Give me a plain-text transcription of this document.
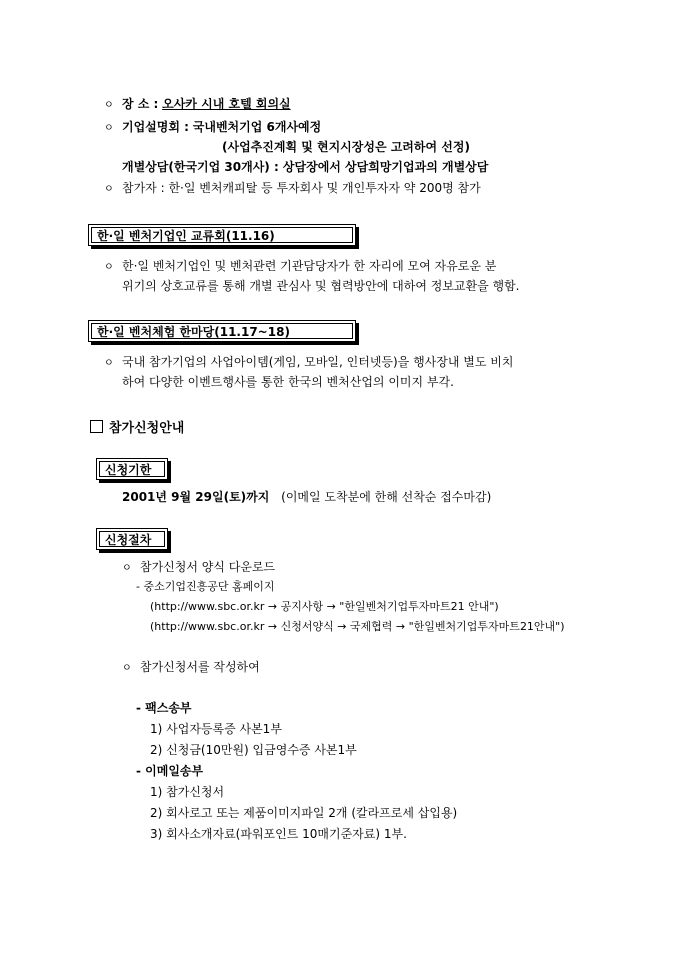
ㅇ 장 소 : 오사카 시내 호텔 회의실
ㅇ 기업설명회 : 국내벤처기업 6개사예정
(사업추진계획 및 현지시장성은 고려하여 선정)
개별상담(한국기업 30개사) : 상담장에서 상담희망기업과의 개별상담
ㅇ 참가자 : 한·일 벤처캐피탈 등 투자회사 및 개인투자자 약 200명 참가
한·일 벤처기업인 교류회(11.16)
ㅇ 한·일 벤처기업인 및 벤처관련 기관담당자가 한 자리에 모여 자유로운 분
위기의 상호교류를 통해 개별 관심사 및 협력방안에 대하여 정보교환을 행함.
한·일 벤처체험 한마당(11.17~18)
ㅇ 국내 참가기업의 사업아이템(게임, 모바일, 인터넷등)을 행사장내 별도 비치
하여 다양한 이벤트행사를 통한 한국의 벤처산업의 이미지 부각.
참가신청안내
신청기한
2001년 9월 29일(토)까지 (이메일 도착분에 한해 선착순 접수마감)
신청절차
ㅇ 참가신청서 양식 다운로드
- 중소기업진흥공단 홈페이지
(http://www.sbc.or.kr → 공지사항 → "한일벤처기업투자마트21 안내")
(http://www.sbc.or.kr → 신청서양식 → 국제협력 → "한일벤처기업투자마트21안내")
ㅇ 참가신청서를 작성하여
- 팩스송부
1) 사업자등록증 사본1부
2) 신청금(10만원) 입금영수증 사본1부
- 이메일송부
1) 참가신청서
2) 회사로고 또는 제품이미지파일 2개 (칼라프로세 삽입용)
3) 회사소개자료(파워포인트 10매기준자료) 1부.
